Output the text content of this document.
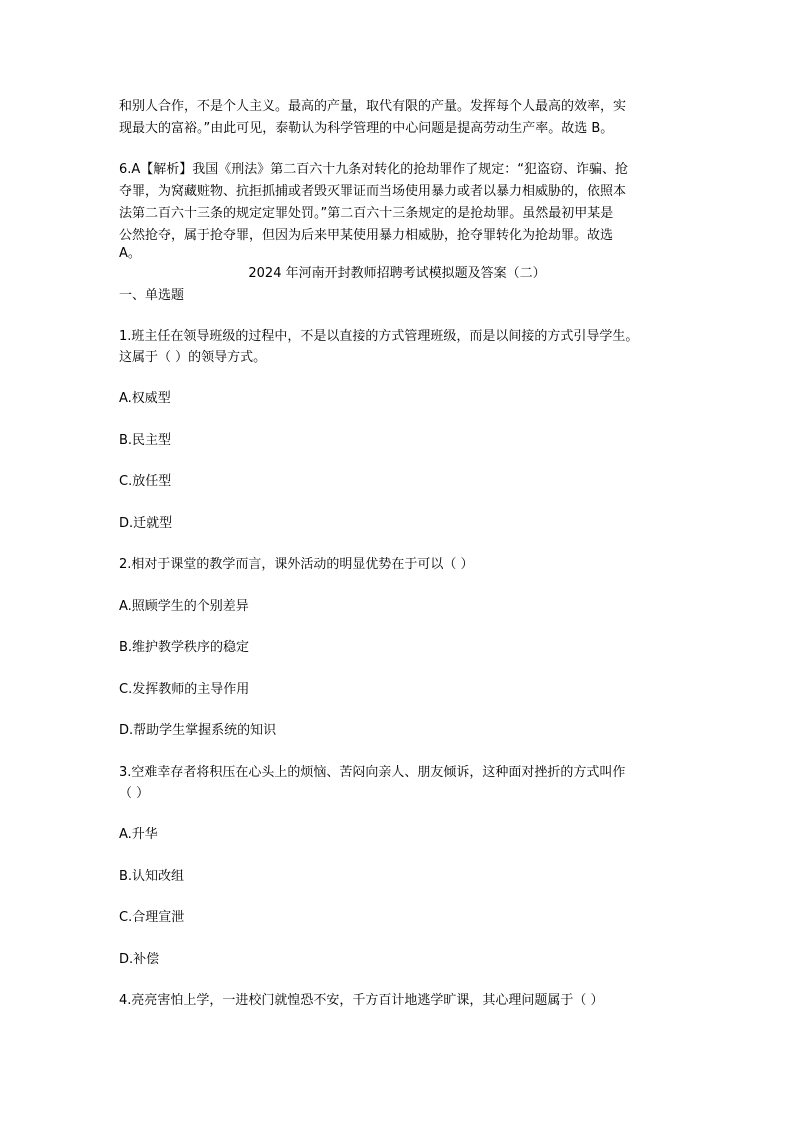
和别人合作，不是个人主义。最高的产量，取代有限的产量。发挥每个人最高的效率，实

现最大的富裕。”由此可见，泰勒认为科学管理的中心问题是提高劳动生产率。故选 B。

6.A【解析】我国《刑法》第二百六十九条对转化的抢劫罪作了规定：“犯盗窃、诈骗、抢

夺罪，为窝藏赃物、抗拒抓捕或者毁灭罪证而当场使用暴力或者以暴力相威胁的，依照本

法第二百六十三条的规定定罪处罚。”第二百六十三条规定的是抢劫罪。虽然最初甲某是

公然抢夺，属于抢夺罪，但因为后来甲某使用暴力相威胁，抢夺罪转化为抢劫罪。故选

A。

2024 年河南开封教师招聘考试模拟题及答案（二）

一、单选题

1.班主任在领导班级的过程中，不是以直接的方式管理班级，而是以间接的方式引导学生。

这属于（ ）的领导方式。

A.权威型

B.民主型

C.放任型

D.迁就型

2.相对于课堂的教学而言，课外活动的明显优势在于可以（ ）

A.照顾学生的个别差异

B.维护教学秩序的稳定

C.发挥教师的主导作用

D.帮助学生掌握系统的知识

3.空难幸存者将积压在心头上的烦恼、苦闷向亲人、朋友倾诉，这种面对挫折的方式叫作

（ ）

A.升华

B.认知改组

C.合理宣泄

D.补偿

4.亮亮害怕上学，一进校门就惶恐不安，千方百计地逃学旷课，其心理问题属于（ ）
